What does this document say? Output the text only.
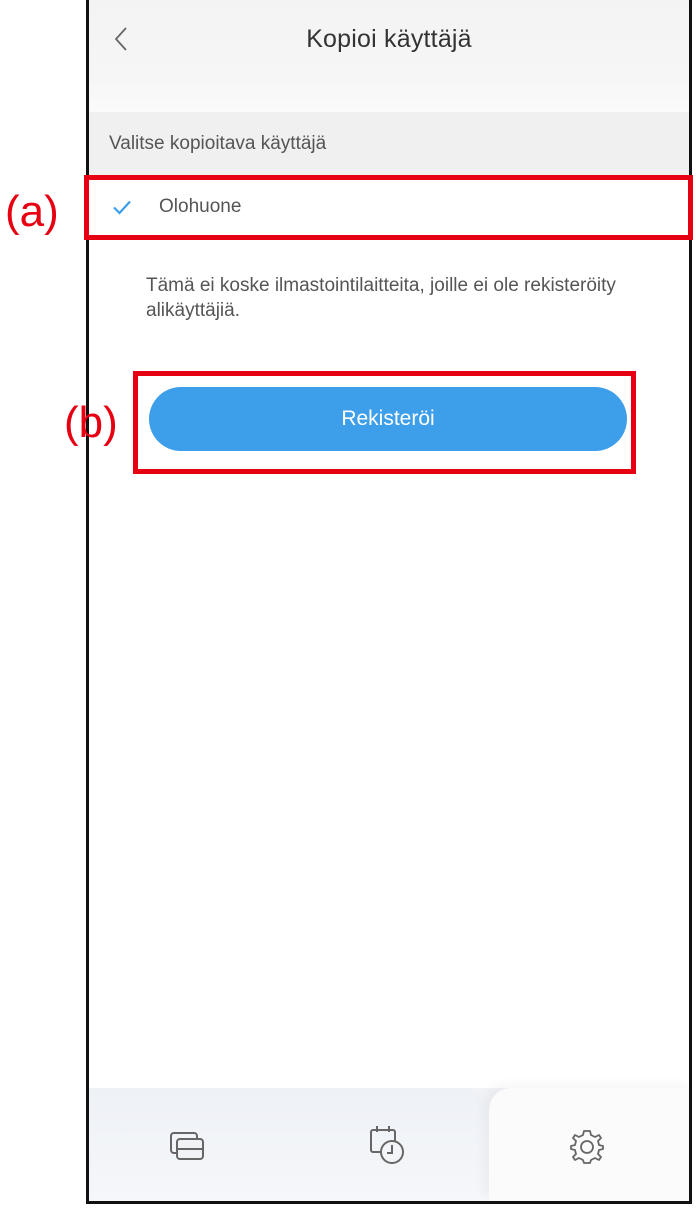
Kopioi käyttäjä
Valitse kopioitava käyttäjä
Olohuone
Tämä ei koske ilmastointilaitteita, joille ei ole rekisteröity alikäyttäjiä.
Rekisteröi
(a)
(b)
